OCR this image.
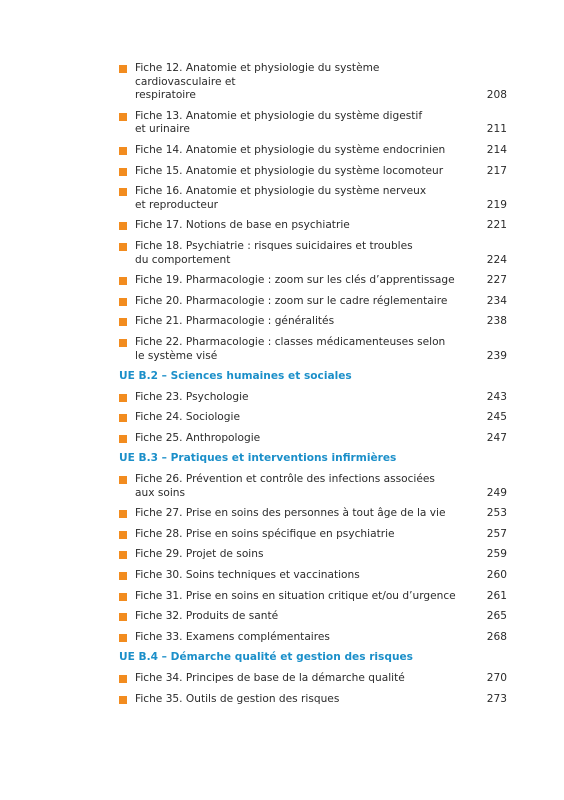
Fiche 12. Anatomie et physiologie du système cardiovasculaire et
respiratoire	208
Fiche 13. Anatomie et physiologie du système digestif
et urinaire	211
Fiche 14. Anatomie et physiologie du système endocrinien	214
Fiche 15. Anatomie et physiologie du système locomoteur	217
Fiche 16. Anatomie et physiologie du système nerveux
et reproducteur	219
Fiche 17. Notions de base en psychiatrie	221
Fiche 18. Psychiatrie : risques suicidaires et troubles
du comportement	224
Fiche 19. Pharmacologie : zoom sur les clés d’apprentissage	227
Fiche 20. Pharmacologie : zoom sur le cadre réglementaire	234
Fiche 21. Pharmacologie : généralités	238
Fiche 22. Pharmacologie : classes médicamenteuses selon
le système visé	239
UE B.2 – Sciences humaines et sociales
Fiche 23. Psychologie	243
Fiche 24. Sociologie	245
Fiche 25. Anthropologie	247
UE B.3 – Pratiques et interventions infirmières
Fiche 26. Prévention et contrôle des infections associées
aux soins	249
Fiche 27. Prise en soins des personnes à tout âge de la vie	253
Fiche 28. Prise en soins spécifique en psychiatrie	257
Fiche 29. Projet de soins	259
Fiche 30. Soins techniques et vaccinations	260
Fiche 31. Prise en soins en situation critique et/ou d’urgence	261
Fiche 32. Produits de santé	265
Fiche 33. Examens complémentaires	268
UE B.4 – Démarche qualité et gestion des risques
Fiche 34. Principes de base de la démarche qualité	270
Fiche 35. Outils de gestion des risques	273
